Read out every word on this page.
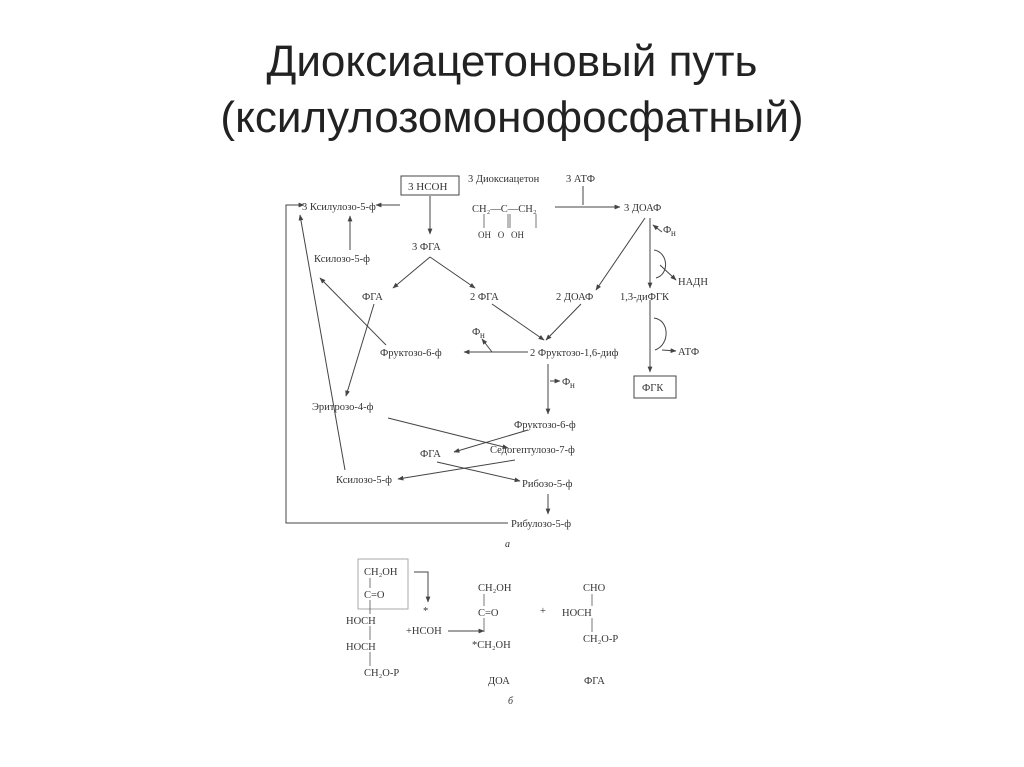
Диоксиацетоновый путь
(ксилулозомонофосфатный)
3 НСОН
3 Диоксиацетон	3 АТФ
3 Ксилулозо-5-ф	CH₂—C—CH₂
OH   O   OH
3 ДОАФ
Ф н
Ксилозо-5-ф
3 ФГА
НАДН
ФГА	2 ФГА	2 ДОАФ	1,3-диФГК
Ф н
Фруктозо-6-ф	2 Фруктозо-1,6-диф	АТФ
Ф н	ФГК
Эритрозо-4-ф
Фруктозо-6-ф
ФГА	Седогептулозо-7-ф
Ксилозо-5-ф	Рибозо-5-ф
Рибулозо-5-ф
а
CH₂OH
C=O
HOCH
HOCH
CH₂O-P
*
+HCOH
CH₂OH
C=O
*CH₂OH
ДОА
+
CHO
HOCH
CH₂O-P
ФГА
б
